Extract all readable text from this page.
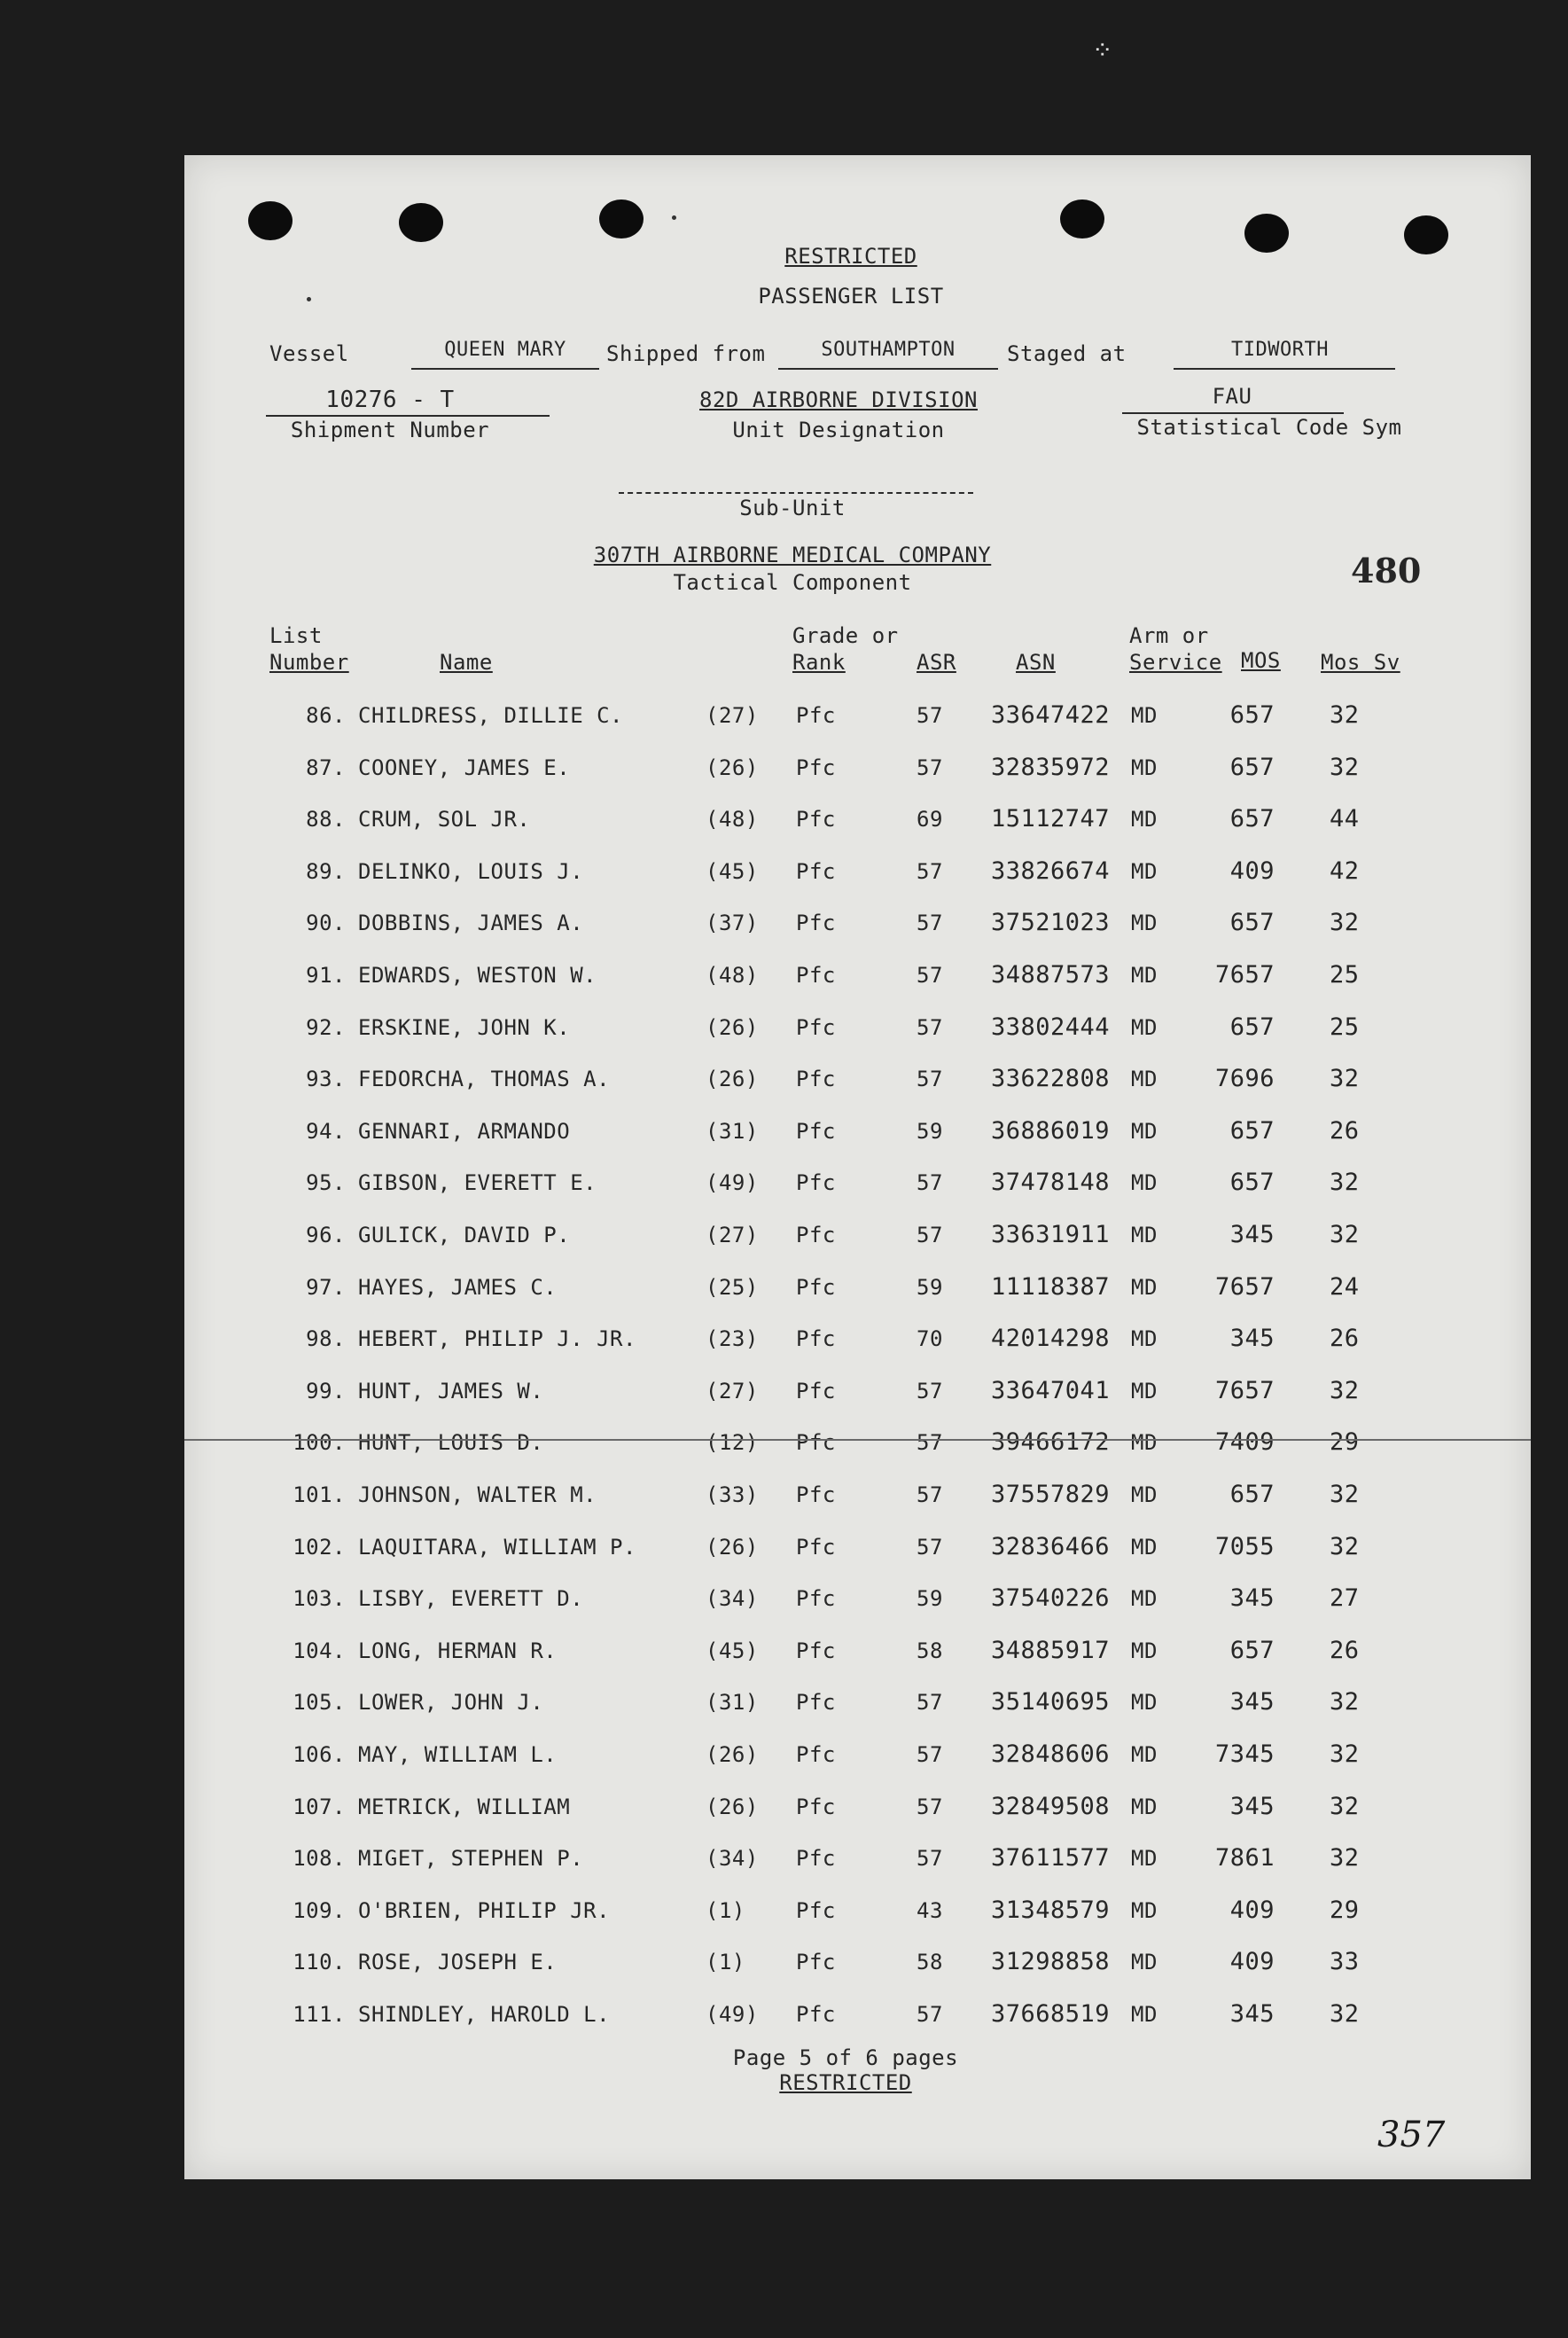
⁘
RESTRICTED
PASSENGER LIST
Vessel	QUEEN MARY Shipped from	SOUTHAMPTON Staged at	TIDWORTH
10276 - T
Shipment Number
82D AIRBORNE DIVISION
Unit Designation
FAU
Statistical Code Sym
Sub-Unit
307TH AIRBORNE MEDICAL COMPANY
Tactical Component	480
List
Number	Name
Grade or
Rank	ASR	ASN
Arm or
Service MOS Mos Sv
86. CHILDRESS, DILLIE C.	(27) Pfc	57 33647422 MD	657 32
87. COONEY, JAMES E.	(26) Pfc	57 32835972 MD	657 32
88. CRUM, SOL JR.	(48) Pfc	69 15112747 MD	657 44
89. DELINKO, LOUIS J.	(45) Pfc	57 33826674 MD	409 42
90. DOBBINS, JAMES A.	(37) Pfc	57 37521023 MD	657 32
91. EDWARDS, WESTON W.	(48) Pfc	57 34887573 MD	7657 25
92. ERSKINE, JOHN K.	(26) Pfc	57 33802444 MD	657 25
93. FEDORCHA, THOMAS A.	(26) Pfc	57 33622808 MD	7696 32
94. GENNARI, ARMANDO	(31) Pfc	59 36886019 MD	657 26
95. GIBSON, EVERETT E.	(49) Pfc	57 37478148 MD	657 32
96. GULICK, DAVID P.	(27) Pfc	57 33631911 MD	345 32
97. HAYES, JAMES C.	(25) Pfc	59 11118387 MD	7657 24
98. HEBERT, PHILIP J. JR.	(23) Pfc	70 42014298 MD	345 26
99. HUNT, JAMES W.	(27) Pfc	57 33647041 MD	7657 32
100. HUNT, LOUIS D.	(12) Pfc	57 39466172 MD	7409 29
101. JOHNSON, WALTER M.	(33) Pfc	57 37557829 MD	657 32
102. LAQUITARA, WILLIAM P.	(26) Pfc	57 32836466 MD	7055 32
103. LISBY, EVERETT D.	(34) Pfc	59 37540226 MD	345 27
104. LONG, HERMAN R.	(45) Pfc	58 34885917 MD	657 26
105. LOWER, JOHN J.	(31) Pfc	57 35140695 MD	345 32
106. MAY, WILLIAM L.	(26) Pfc	57 32848606 MD	7345 32
107. METRICK, WILLIAM	(26) Pfc	57 32849508 MD	345 32
108. MIGET, STEPHEN P.	(34) Pfc	57 37611577 MD	7861 32
109. O'BRIEN, PHILIP JR.	(1) Pfc	43 31348579 MD	409 29
110. ROSE, JOSEPH E.	(1) Pfc	58 31298858 MD	409 33
111. SHINDLEY, HAROLD L.	(49) Pfc	57 37668519 MD	345 32
Page 5 of 6 pages
RESTRICTED
357
